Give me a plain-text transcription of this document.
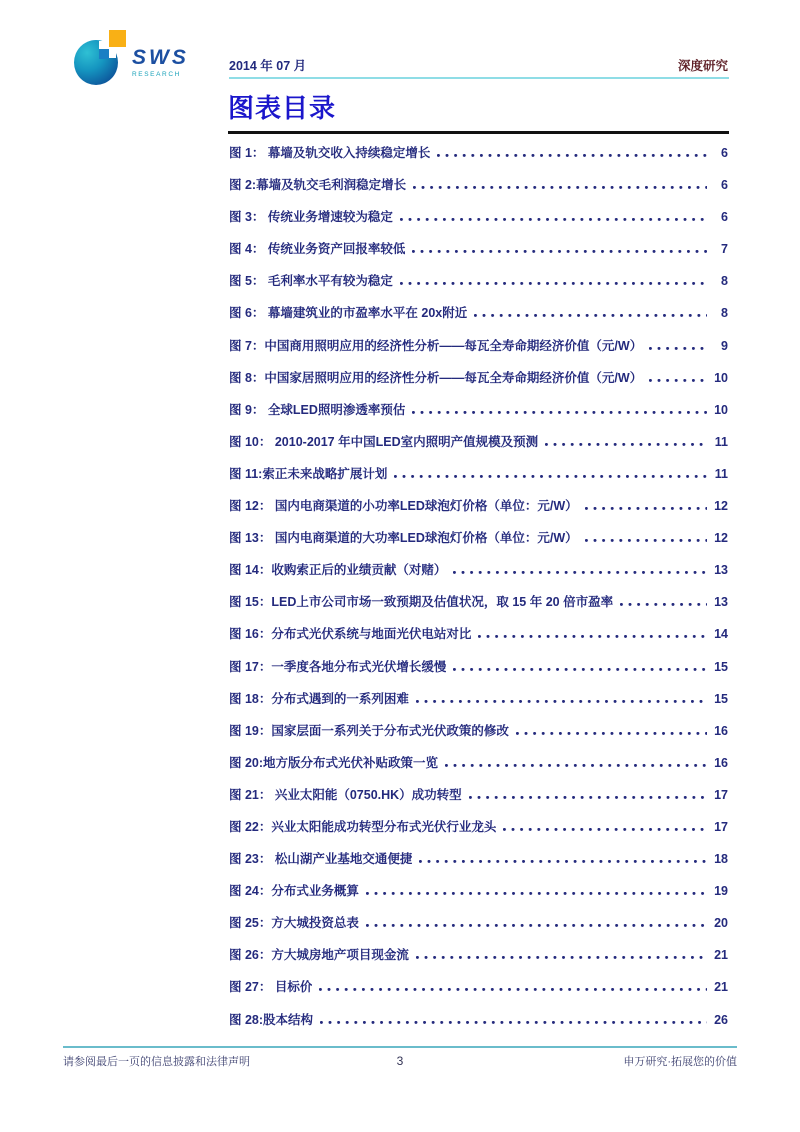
SWS
RESEARCH
2014 年 07 月	深度研究
图表目录
图 1： 幕墙及轨交收入持续稳定增长	6
图 2:幕墙及轨交毛利润稳定增长	6
图 3： 传统业务增速较为稳定	6
图 4： 传统业务资产回报率较低	7
图 5： 毛利率水平有较为稳定	8
图 6： 幕墙建筑业的市盈率水平在 20x附近	8
图 7：中国商用照明应用的经济性分析——每瓦全寿命期经济价值（元/W）	9
图 8：中国家居照明应用的经济性分析——每瓦全寿命期经济价值（元/W）	10
图 9： 全球LED照明渗透率预估	10
图 10： 2010-2017 年中国LED室内照明产值规模及预测	11
图 11:索正未来战略扩展计划	11
图 12： 国内电商渠道的小功率LED球泡灯价格（单位：元/W）	12
图 13： 国内电商渠道的大功率LED球泡灯价格（单位：元/W）	12
图 14：收购索正后的业绩贡献（对赌）	13
图 15：LED上市公司市场一致预期及估值状况，取 15 年 20 倍市盈率	13
图 16：分布式光伏系统与地面光伏电站对比	14
图 17：一季度各地分布式光伏增长缓慢	15
图 18：分布式遇到的一系列困难	15
图 19：国家层面一系列关于分布式光伏政策的修改	16
图 20:地方版分布式光伏补贴政策一览	16
图 21： 兴业太阳能（0750.HK）成功转型	17
图 22：兴业太阳能成功转型分布式光伏行业龙头	17
图 23： 松山湖产业基地交通便捷	18
图 24：分布式业务概算	19
图 25：方大城投资总表	20
图 26：方大城房地产项目现金流	21
图 27： 目标价	21
图 28:股本结构	26
请参阅最后一页的信息披露和法律声明	3	申万研究·拓展您的价值
